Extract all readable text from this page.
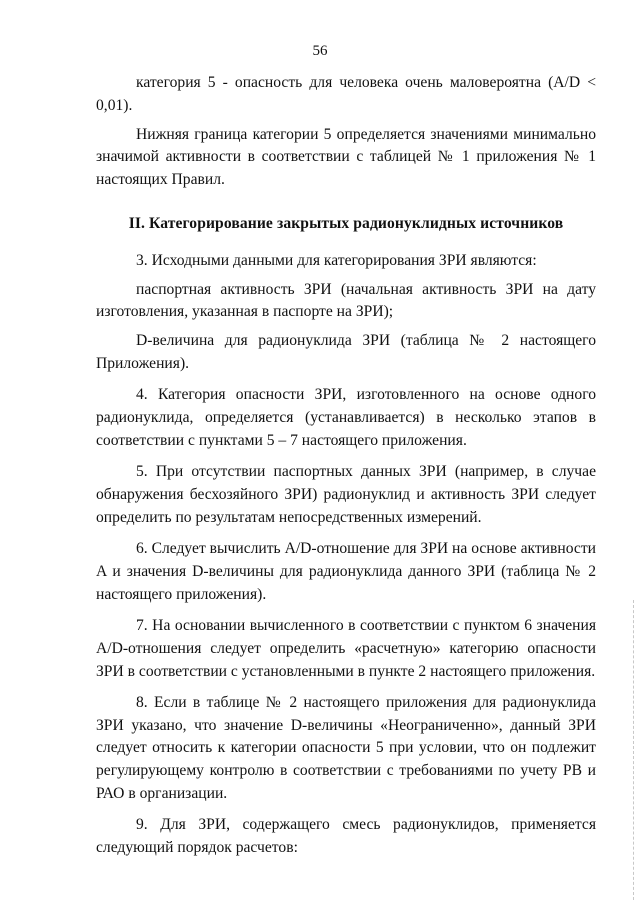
56

категория 5 - опасность для человека очень маловероятна (A/D < 0,01).

Нижняя граница категории 5 определяется значениями минимально значимой активности в соответствии с таблицей № 1 приложения № 1 настоящих Правил.

II. Категорирование закрытых радионуклидных источников

3. Исходными данными для категорирования ЗРИ являются:

паспортная активность ЗРИ (начальная активность ЗРИ на дату изготовления, указанная в паспорте на ЗРИ);

D-величина для радионуклида ЗРИ (таблица № 2 настоящего Приложения).

4. Категория опасности ЗРИ, изготовленного на основе одного радионуклида, определяется (устанавливается) в несколько этапов в соответствии с пунктами 5 – 7 настоящего приложения.

5. При отсутствии паспортных данных ЗРИ (например, в случае обнаружения бесхозяйного ЗРИ) радионуклид и активность ЗРИ следует определить по результатам непосредственных измерений.

6. Следует вычислить A/D-отношение для ЗРИ на основе активности A и значения D-величины для радионуклида данного ЗРИ (таблица № 2 настоящего приложения).

7. На основании вычисленного в соответствии с пунктом 6 значения A/D-отношения следует определить «расчетную» категорию опасности ЗРИ в соответствии с установленными в пункте 2 настоящего приложения.

8. Если в таблице № 2 настоящего приложения для радионуклида ЗРИ указано, что значение D-величины «Неограниченно», данный ЗРИ следует относить к категории опасности 5 при условии, что он подлежит регулирующему контролю в соответствии с требованиями по учету РВ и РАО в организации.

9. Для ЗРИ, содержащего смесь радионуклидов, применяется следующий порядок расчетов:
